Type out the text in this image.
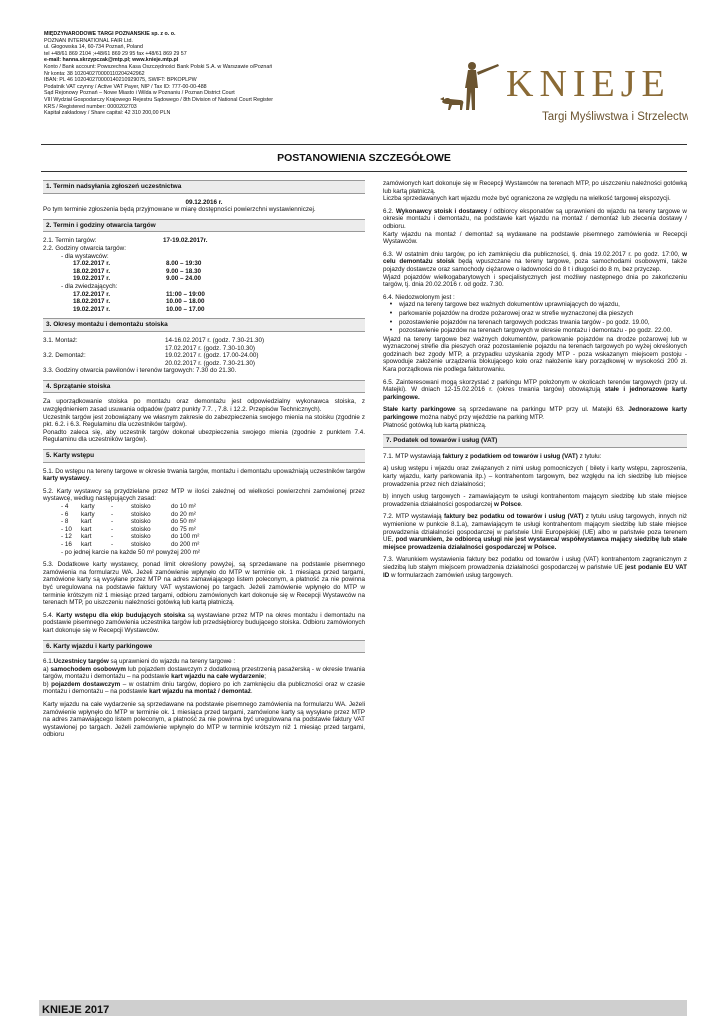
MIĘDZYNARODOWE TARGI POZNAŃSKIE sp. z o. o.
POZNAŃ INTERNATIONAL FAIR Ltd.
ul. Głogowska 14, 60-734 Poznań, Poland
tel +48/61 869 2104 ;+48/61 869 29 95 fax +48/61 869 29 57
e-mail: hanna.skrzypczak@mtp.pl; www.knieje.mtp.pl
Konto / Bank account: Powszechna Kasa Oszczędności Bank Polski S.A. w Warszawie o/Poznań
Nr konta: 38 102040270000110204242962
IBAN: PL 46 102040270000140210929075, SWIFT: BPKOPLPW
Podatnik VAT czynny / Active VAT Payer, NIP / Tax ID: 777-00-00-488
Sąd Rejonowy Poznań – Nowe Miasto i Wilda w Poznaniu / Poznan District Court
VIII Wydział Gospodarczy Krajowego Rejestru Sądowego / 8th Division of National Court Register
KRS / Registered number: 0000202703
Kapitał zakładowy / Share capital: 42 310 200,00 PLN
KNIEJE
Targi Myśliwstwa i Strzelectwa
POSTANOWIENIA SZCZEGÓŁOWE
1. Termin nadsyłania zgłoszeń uczestnictwa
09.12.2016 r.
Po tym terminie zgłoszenia będą przyjmowane w miarę dostępności powierzchni wystawienniczej.
2. Termin i godziny otwarcia targów
2.1. Termin targów:	17-19.02.2017r.
2.2. Godziny otwarcia targów:
- dla wystawców:
17.02.2017 r.	8.00 – 19:30
18.02.2017 r.	9.00 – 18.30
19.02.2017 r.	9.00 – 24.00
- dla zwiedzających:
17.02.2017 r.	11:00 – 19:00
18.02.2017 r.	10.00 – 18.00
19.02.2017 r.	10.00 – 17.00
3. Okresy montażu i demontażu stoiska
3.1. Montaż:	14-16.02.2017 r. (godz. 7.30-21.30)
17.02.2017 r. (godz. 7.30-10.30)
3.2. Demontaż:	19.02.2017 r. (godz. 17.00-24.00)
20.02.2017 r. (godz. 7.30-21.30)
3.3. Godziny otwarcia pawilonów i terenów targowych: 7.30 do 21.30.
4. Sprzątanie stoiska
Za uporządkowanie stoiska po montażu oraz demontażu jest odpowiedzialny wykonawca stoiska, z uwzględnieniem zasad usuwania odpadów (patrz punkty 7.7. , 7.8. i 12.2. Przepisów Technicznych).
Uczestnik targów jest zobowiązany we własnym zakresie do zabezpieczenia swojego mienia na stoisku (zgodnie z pkt. 6.2. i 6.3. Regulaminu dla uczestników targów).
Ponadto zaleca się, aby uczestnik targów dokonał ubezpieczenia swojego mienia (zgodnie z punktem 7.4. Regulaminu dla uczestników targów).
5. Karty wstępu
5.1. Do wstępu na tereny targowe w okresie trwania targów, montażu i demontażu upoważniają uczestników targów karty wystawcy.
5.2. Karty wystawcy są przydzielane przez MTP w ilości zależnej od wielkości powierzchni zamówionej przez wystawcę, według następujących zasad:
- 4	karty	-	stoisko	do 10 m²
- 6	karty	-	stoisko	do 20 m²
- 8	kart	-	stoisko	do 50 m²
- 10	kart	-	stoisko	do 75 m²
- 12	kart	-	stoisko	do 100 m²
- 16	kart	-	stoisko	do 200 m²
- po jednej karcie na każde 50 m² powyżej 200 m²
5.3. Dodatkowe karty wystawcy, ponad limit określony powyżej, są sprzedawane na podstawie pisemnego zamówienia na formularzu WA. Jeżeli zamówienie wpłynęło do MTP w terminie ok. 1 miesiąca przed targami, zamówione karty są wysyłane przez MTP na adres zamawiającego listem poleconym, a płatność za nie powinna być uregulowana na podstawie faktury VAT wystawionej po targach. Jeżeli zamówienie wpłynęło do MTP w terminie krótszym niż 1 miesiąc przed targami, odbioru zamówionych kart dokonuje się w Recepcji Wystawców na terenach MTP, po uiszczeniu należności gotówką lub kartą płatniczą.
5.4. Karty wstępu dla ekip budujących stoiska są wystawiane przez MTP na okres montażu i demontażu na podstawie pisemnego zamówienia uczestnika targów lub przedsiębiorcy budującego stoiska. Odbioru zamówionych kart dokonuje się w Recepcji Wystawców.
6. Karty wjazdu i karty parkingowe
6.1.Uczestnicy targów są uprawnieni do wjazdu na tereny targowe :
a) samochodem osobowym lub pojazdem dostawczym z dodatkową przestrzenią pasażerską - w okresie trwania targów, montażu i demontażu – na podstawie kart wjazdu na całe wydarzenie;
b) pojazdem dostawczym – w ostatnim dniu targów, dopiero po ich zamknięciu dla publiczności oraz w czasie montażu i demontażu – na podstawie kart wjazdu na montaż / demontaż.
Karty wjazdu na całe wydarzenie są sprzedawane na podstawie pisemnego zamówienia na formularzu WA. Jeżeli zamówienie wpłynęło do MTP w terminie ok. 1 miesiąca przed targami, zamówione karty są wysyłane przez MTP na adres zamawiającego listem poleconym, a płatność za nie powinna być uregulowana na podstawie faktury VAT wystawionej po targach. Jeżeli zamówienie wpłynęło do MTP w terminie krótszym niż 1 miesiąc przed targami, odbioru
zamówionych kart dokonuje się w Recepcji Wystawców na terenach MTP, po uiszczeniu należności gotówką lub kartą płatniczą.
Liczba sprzedawanych kart wjazdu może być ograniczona ze względu na wielkość targowej ekspozycji.
6.2. Wykonawcy stoisk i dostawcy / odbiorcy eksponatów są uprawnieni do wjazdu na tereny targowe w okresie montażu i demontażu, na podstawie kart wjazdu na montaż / demontaż lub zlecenia dostawy / odbioru.
Karty wjazdu na montaż / demontaż są wydawane na podstawie pisemnego zamówienia w Recepcji Wystawców.
6.3. W ostatnim dniu targów, po ich zamknięciu dla publiczności, tj. dnia 19.02.2017 r. po godz. 17:00, w celu demontażu stoisk będą wpuszczane na tereny targowe, poza samochodami osobowymi, także pojazdy dostawcze oraz samochody ciężarowe o ładowności do 8 t i długości do 8 m, bez przyczep.
Wjazd pojazdów wielkogabarytowych i specjalistycznych jest możliwy następnego dnia po zakończeniu targów, tj. dnia 20.02.2016 r. od godz. 7.30.
6.4. Niedozwolonym jest :
•	wjazd na tereny targowe bez ważnych dokumentów uprawniających do wjazdu,
•	parkowanie pojazdów na drodze pożarowej oraz w strefie wyznaczonej dla pieszych
•	pozostawienie pojazdów na terenach targowych podczas trwania targów - po godz. 19.00,
•	pozostawienie pojazdów na terenach targowych w okresie montażu i demontażu - po godz. 22.00.
Wjazd na tereny targowe bez ważnych dokumentów, parkowanie pojazdów na drodze pożarowej lub w wyznaczonej strefie dla pieszych oraz pozostawienie pojazdu na terenach targowych po wyżej określonych godzinach bez zgody MTP, a przypadku uzyskania zgody MTP - poza wskazanym miejscem postoju - spowoduje założenie urządzenia blokującego koło oraz nałożenie kary porządkowej w wysokości 200 zł. Kara porządkowa nie podlega fakturowaniu.
6.5. Zainteresowani mogą skorzystać z parkingu MTP położonym w okolicach terenów targowych (przy ul. Matejki). W dniach 12-15.02.2016 r. (okres trwania targów) obowiązują stałe i jednorazowe karty parkingowe.
Stałe karty parkingowe są sprzedawane na parkingu MTP przy ul. Matejki 63. Jednorazowe karty parkingowe można nabyć przy wjeździe na parking MTP.
Płatność gotówką lub kartą płatniczą.
7. Podatek od towarów i usług (VAT)
7.1. MTP wystawiają faktury z podatkiem od towarów i usług (VAT) z tytułu:
a) usług wstępu i wjazdu oraz związanych z nimi usług pomocniczych ( bilety i karty wstępu, zaproszenia, karty wjazdu, karty parkowania itp.) – kontrahentom targowym, bez względu na ich siedzibę lub miejsce prowadzenia przez nich działalności;
b) innych usług targowych - zamawiającym te usługi kontrahentom mającym siedzibę lub stałe miejsce prowadzenia działalności gospodarczej w Polsce.
7.2. MTP wystawiają faktury bez podatku od towarów i usług (VAT) z tytułu usług targowych, innych niż wymienione w punkcie 8.1.a), zamawiającym te usługi kontrahentom mającym siedzibę lub stałe miejsce prowadzenia działalności gospodarczej w państwie Unii Europejskiej (UE) albo w państwie poza terenem UE, pod warunkiem, że odbiorcą usługi nie jest wystawca/ współwystawca mający siedzibę lub stałe miejsce prowadzenia działalności gospodarczej w Polsce.
7.3. Warunkiem wystawienia faktury bez podatku od towarów i usług (VAT) kontrahentom zagranicznym z siedzibą lub stałym miejscem prowadzenia działalności gospodarczej w państwie UE jest podanie EU VAT ID w formularzach zamówień usług targowych.
KNIEJE 2017
